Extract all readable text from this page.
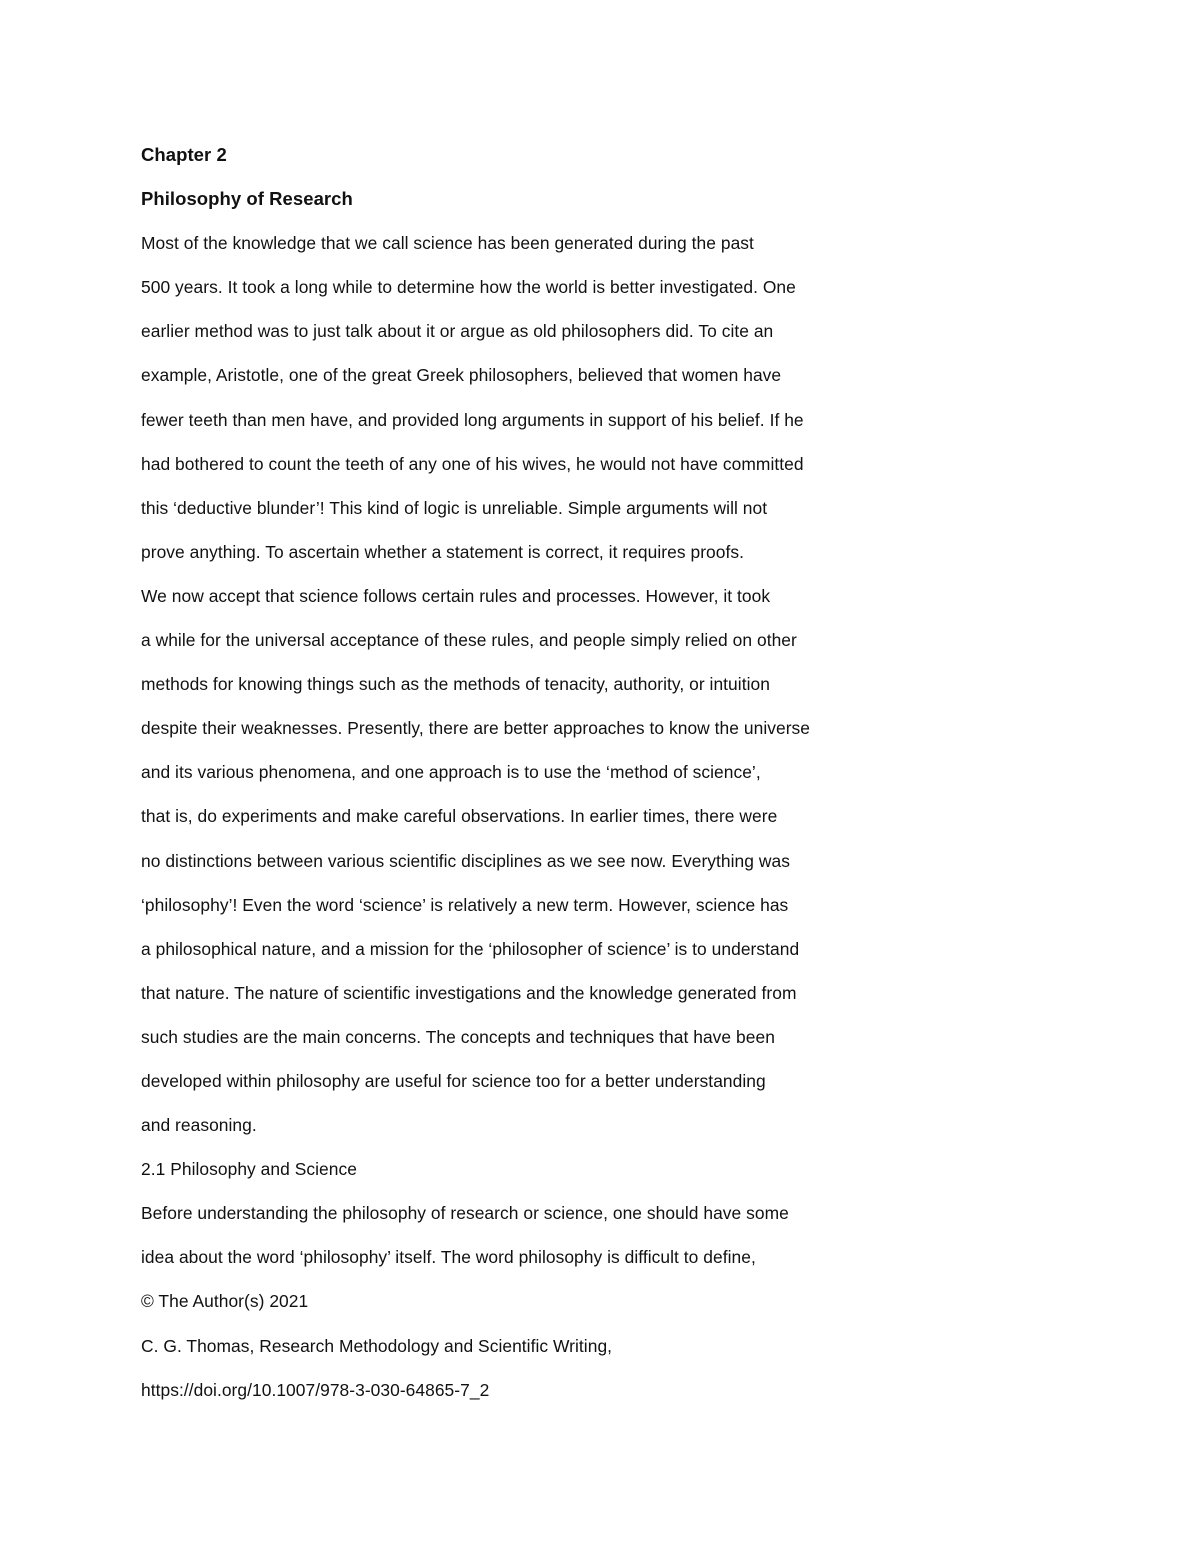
Chapter 2
Philosophy of Research
Most of the knowledge that we call science has been generated during the past
500 years. It took a long while to determine how the world is better investigated. One
earlier method was to just talk about it or argue as old philosophers did. To cite an
example, Aristotle, one of the great Greek philosophers, believed that women have
fewer teeth than men have, and provided long arguments in support of his belief. If he
had bothered to count the teeth of any one of his wives, he would not have committed
this ‘deductive blunder’! This kind of logic is unreliable. Simple arguments will not
prove anything. To ascertain whether a statement is correct, it requires proofs.
We now accept that science follows certain rules and processes. However, it took
a while for the universal acceptance of these rules, and people simply relied on other
methods for knowing things such as the methods of tenacity, authority, or intuition
despite their weaknesses. Presently, there are better approaches to know the universe
and its various phenomena, and one approach is to use the ‘method of science’,
that is, do experiments and make careful observations. In earlier times, there were
no distinctions between various scientific disciplines as we see now. Everything was
‘philosophy’! Even the word ‘science’ is relatively a new term. However, science has
a philosophical nature, and a mission for the ‘philosopher of science’ is to understand
that nature. The nature of scientific investigations and the knowledge generated from
such studies are the main concerns. The concepts and techniques that have been
developed within philosophy are useful for science too for a better understanding
and reasoning.
2.1 Philosophy and Science
Before understanding the philosophy of research or science, one should have some
idea about the word ‘philosophy’ itself. The word philosophy is difficult to define,
© The Author(s) 2021
C. G. Thomas, Research Methodology and Scientific Writing,
https://doi.org/10.1007/978-3-030-64865-7_2
